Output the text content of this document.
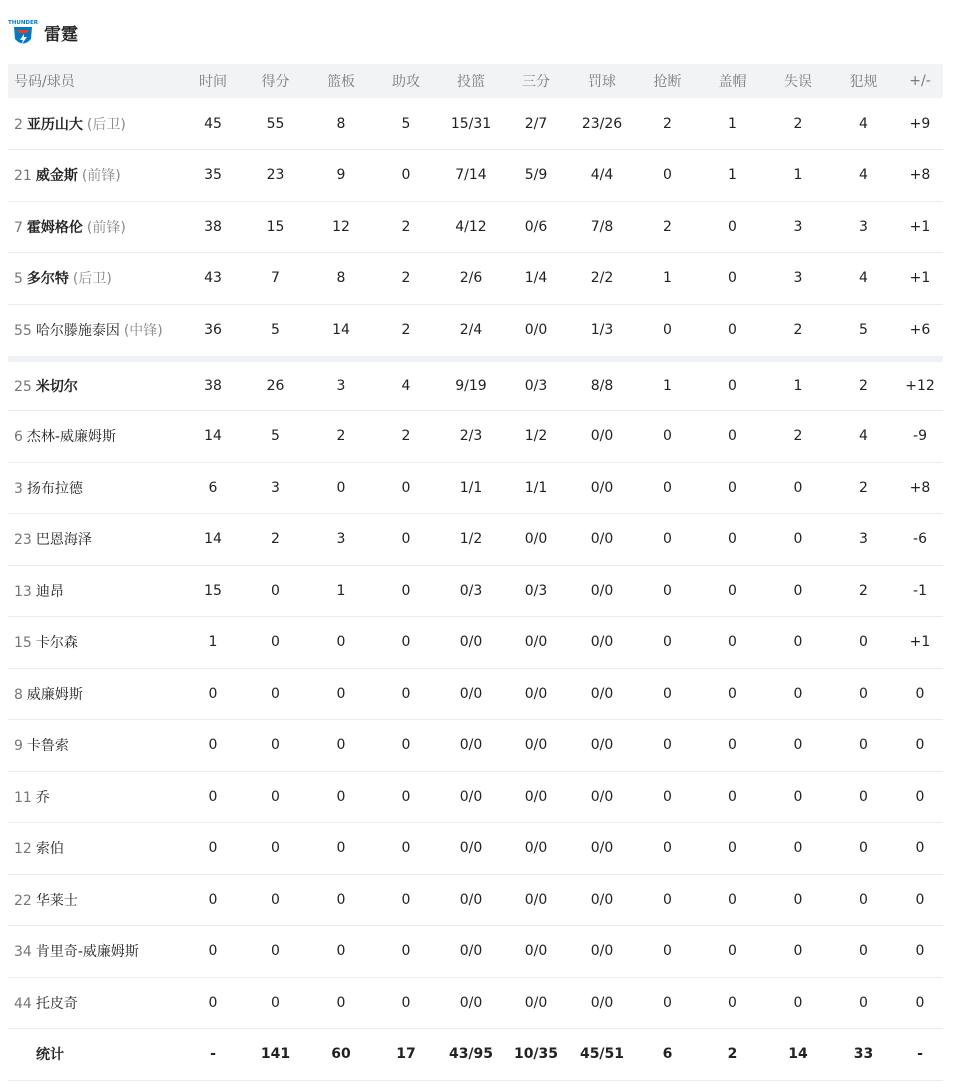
THUNDER
雷霆
号码/球员	时间	得分	篮板	助攻	投篮	三分	罚球	抢断	盖帽	失误	犯规	+/-
2 亚历山大 (后卫)	45	55	8	5	15/31	2/7	23/26	2	1	2	4	+9
21 威金斯 (前锋)	35	23	9	0	7/14	5/9	4/4	0	1	1	4	+8
7 霍姆格伦 (前锋)	38	15	12	2	4/12	0/6	7/8	2	0	3	3	+1
5 多尔特 (后卫)	43	7	8	2	2/6	1/4	2/2	1	0	3	4	+1
55 哈尔滕施泰因 (中锋)	36	5	14	2	2/4	0/0	1/3	0	0	2	5	+6
25 米切尔	38	26	3	4	9/19	0/3	8/8	1	0	1	2	+12
6 杰林-威廉姆斯	14	5	2	2	2/3	1/2	0/0	0	0	2	4	-9
3 扬布拉德	6	3	0	0	1/1	1/1	0/0	0	0	0	2	+8
23 巴恩海泽	14	2	3	0	1/2	0/0	0/0	0	0	0	3	-6
13 迪昂	15	0	1	0	0/3	0/3	0/0	0	0	0	2	-1
15 卡尔森	1	0	0	0	0/0	0/0	0/0	0	0	0	0	+1
8 威廉姆斯	0	0	0	0	0/0	0/0	0/0	0	0	0	0	0
9 卡鲁索	0	0	0	0	0/0	0/0	0/0	0	0	0	0	0
11 乔	0	0	0	0	0/0	0/0	0/0	0	0	0	0	0
12 索伯	0	0	0	0	0/0	0/0	0/0	0	0	0	0	0
22 华莱士	0	0	0	0	0/0	0/0	0/0	0	0	0	0	0
34 肯里奇-威廉姆斯	0	0	0	0	0/0	0/0	0/0	0	0	0	0	0
44 托皮奇	0	0	0	0	0/0	0/0	0/0	0	0	0	0	0
统计	-	141	60	17	43/95	10/35	45/51	6	2	14	33	-
